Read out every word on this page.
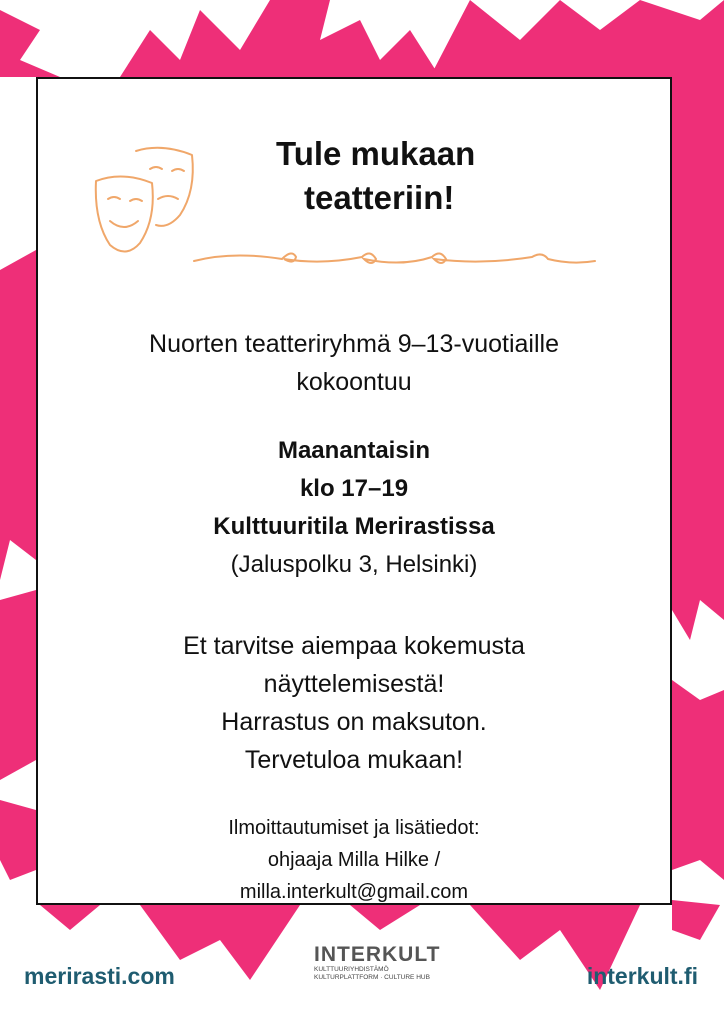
Tule mukaan
teatteriin!
Nuorten teatteriryhmä 9–13-vuotiaille
kokoontuu
Maanantaisin
klo 17–19
Kulttuuritila Merirastissa
(Jaluspolku 3, Helsinki)
Et tarvitse aiempaa kokemusta
näyttelemisestä!
Harrastus on maksuton.
Tervetuloa mukaan!
Ilmoittautumiset ja lisätiedot:
ohjaaja Milla Hilke /
milla.interkult@gmail.com
merirasti.com
INTERKULT
KULTTUURIYHDISTÄMÖ
KULTURPLATTFORM · CULTURE HUB	interkult.fi
